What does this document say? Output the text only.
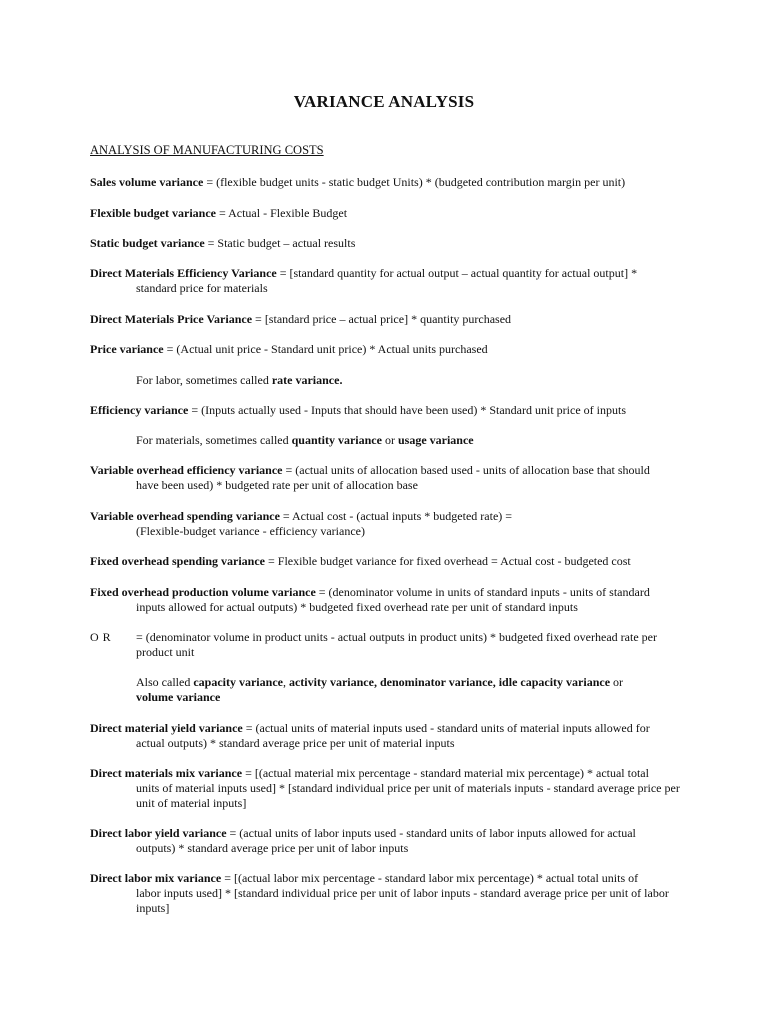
VARIANCE ANALYSIS
ANALYSIS OF MANUFACTURING COSTS
Sales volume variance = (flexible budget units - static budget Units) * (budgeted contribution margin per unit)
Flexible budget variance = Actual - Flexible Budget
Static budget variance = Static budget – actual results
Direct Materials Efficiency Variance = [standard quantity for actual output – actual quantity for actual output] *
standard price for materials
Direct Materials Price Variance = [standard price – actual price] * quantity purchased
Price variance = (Actual unit price - Standard unit price) * Actual units purchased
For labor, sometimes called rate variance.
Efficiency variance = (Inputs actually used - Inputs that should have been used) * Standard unit price of inputs
For materials, sometimes called quantity variance or usage variance
Variable overhead efficiency variance = (actual units of allocation based used - units of allocation base that should
have been used) * budgeted rate per unit of allocation base
Variable overhead spending variance = Actual cost - (actual inputs * budgeted rate) =
(Flexible-budget variance - efficiency variance)
Fixed overhead spending variance = Flexible budget variance for fixed overhead = Actual cost - budgeted cost
Fixed overhead production volume variance = (denominator volume in units of standard inputs - units of standard
inputs allowed for actual outputs) * budgeted fixed overhead rate per unit of standard inputs
OR = (denominator volume in product units - actual outputs in product units) * budgeted fixed overhead rate per
product unit
Also called capacity variance, activity variance, denominator variance, idle capacity variance or
volume variance
Direct material yield variance = (actual units of material inputs used - standard units of material inputs allowed for
actual outputs) * standard average price per unit of material inputs
Direct materials mix variance = [(actual material mix percentage - standard material mix percentage) * actual total
units of material inputs used] * [standard individual price per unit of materials inputs - standard average price per unit of material inputs]
Direct labor yield variance = (actual units of labor inputs used - standard units of labor inputs allowed for actual
outputs) * standard average price per unit of labor inputs
Direct labor mix variance = [(actual labor mix percentage - standard labor mix percentage) * actual total units of
labor inputs used] * [standard individual price per unit of labor inputs - standard average price per unit of labor inputs]
